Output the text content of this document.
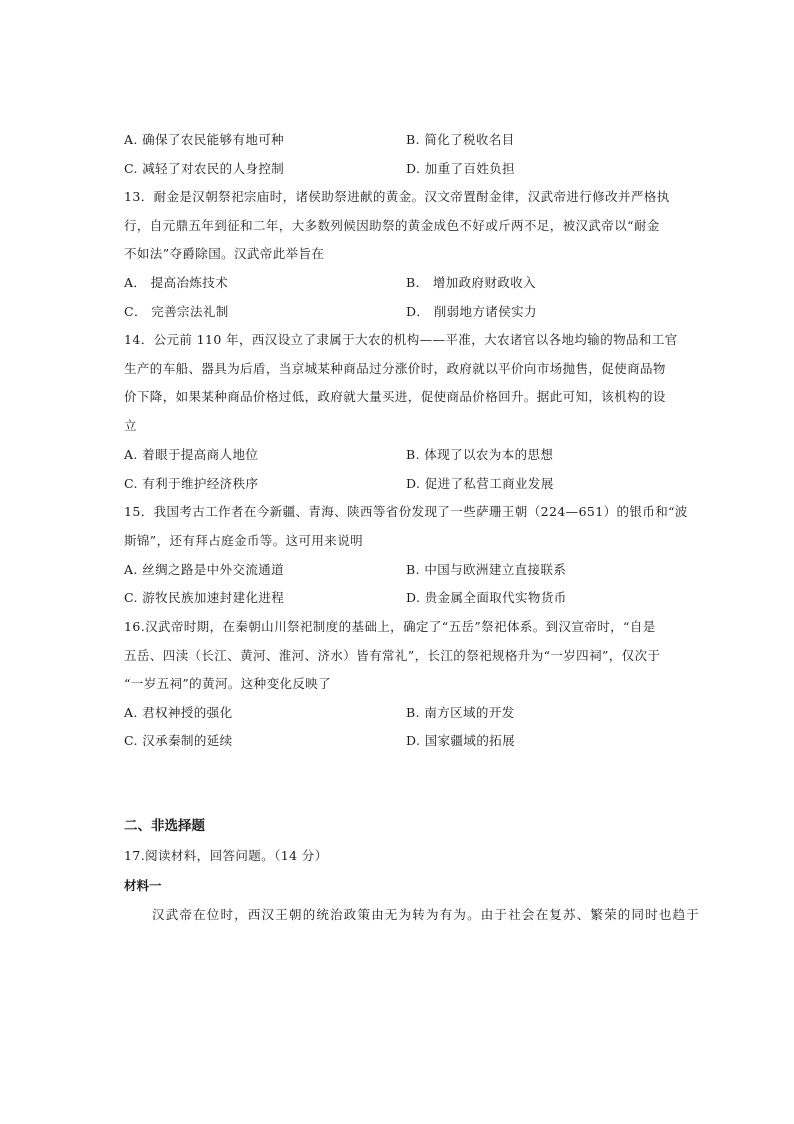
A. 确保了农民能够有地可种	B. 简化了税收名目
C. 减轻了对农民的人身控制	D. 加重了百姓负担
13．耐金是汉朝祭祀宗庙时，诸侯助祭进献的黄金。汉文帝置酎金律，汉武帝进行修改并严格执
行，自元鼎五年到征和二年，大多数列候因助祭的黄金成色不好或斤两不足，被汉武帝以“耐金
不如法”夺爵除国。汉武帝此举旨在
A． 提高冶炼技术	B． 增加政府财政收入
C． 完善宗法礼制	D． 削弱地方诸侯实力
14．公元前 110 年，西汉设立了隶属于大农的机构——平准，大农诸官以各地均输的物品和工官
生产的车船、器具为后盾，当京城某种商品过分涨价时，政府就以平价向市场抛售，促使商品物
价下降，如果某种商品价格过低，政府就大量买进，促使商品价格回升。据此可知，该机构的设
立
A. 着眼于提高商人地位	B. 体现了以农为本的思想
C. 有利于维护经济秩序	D. 促进了私营工商业发展
15．我国考古工作者在今新疆、青海、陕西等省份发现了一些萨珊王朝（224—651）的银币和“波
斯锦”，还有拜占庭金币等。这可用来说明
A. 丝绸之路是中外交流通道	B. 中国与欧洲建立直接联系
C. 游牧民族加速封建化进程	D. 贵金属全面取代实物货币
16.汉武帝时期，在秦朝山川祭祀制度的基础上，确定了“五岳”祭祀体系。到汉宣帝时，“自是
五岳、四渎（长江、黄河、淮河、济水）皆有常礼”，长江的祭祀规格升为“一岁四祠”，仅次于
“一岁五祠”的黄河。这种变化反映了
A. 君权神授的强化	B. 南方区域的开发
C. 汉承秦制的延续	D. 国家疆域的拓展
二、非选择题
17.阅读材料，回答问题。（14 分）
材料一
汉武帝在位时，西汉王朝的统治政策由无为转为有为。由于社会在复苏、繁荣的同时也趋于
